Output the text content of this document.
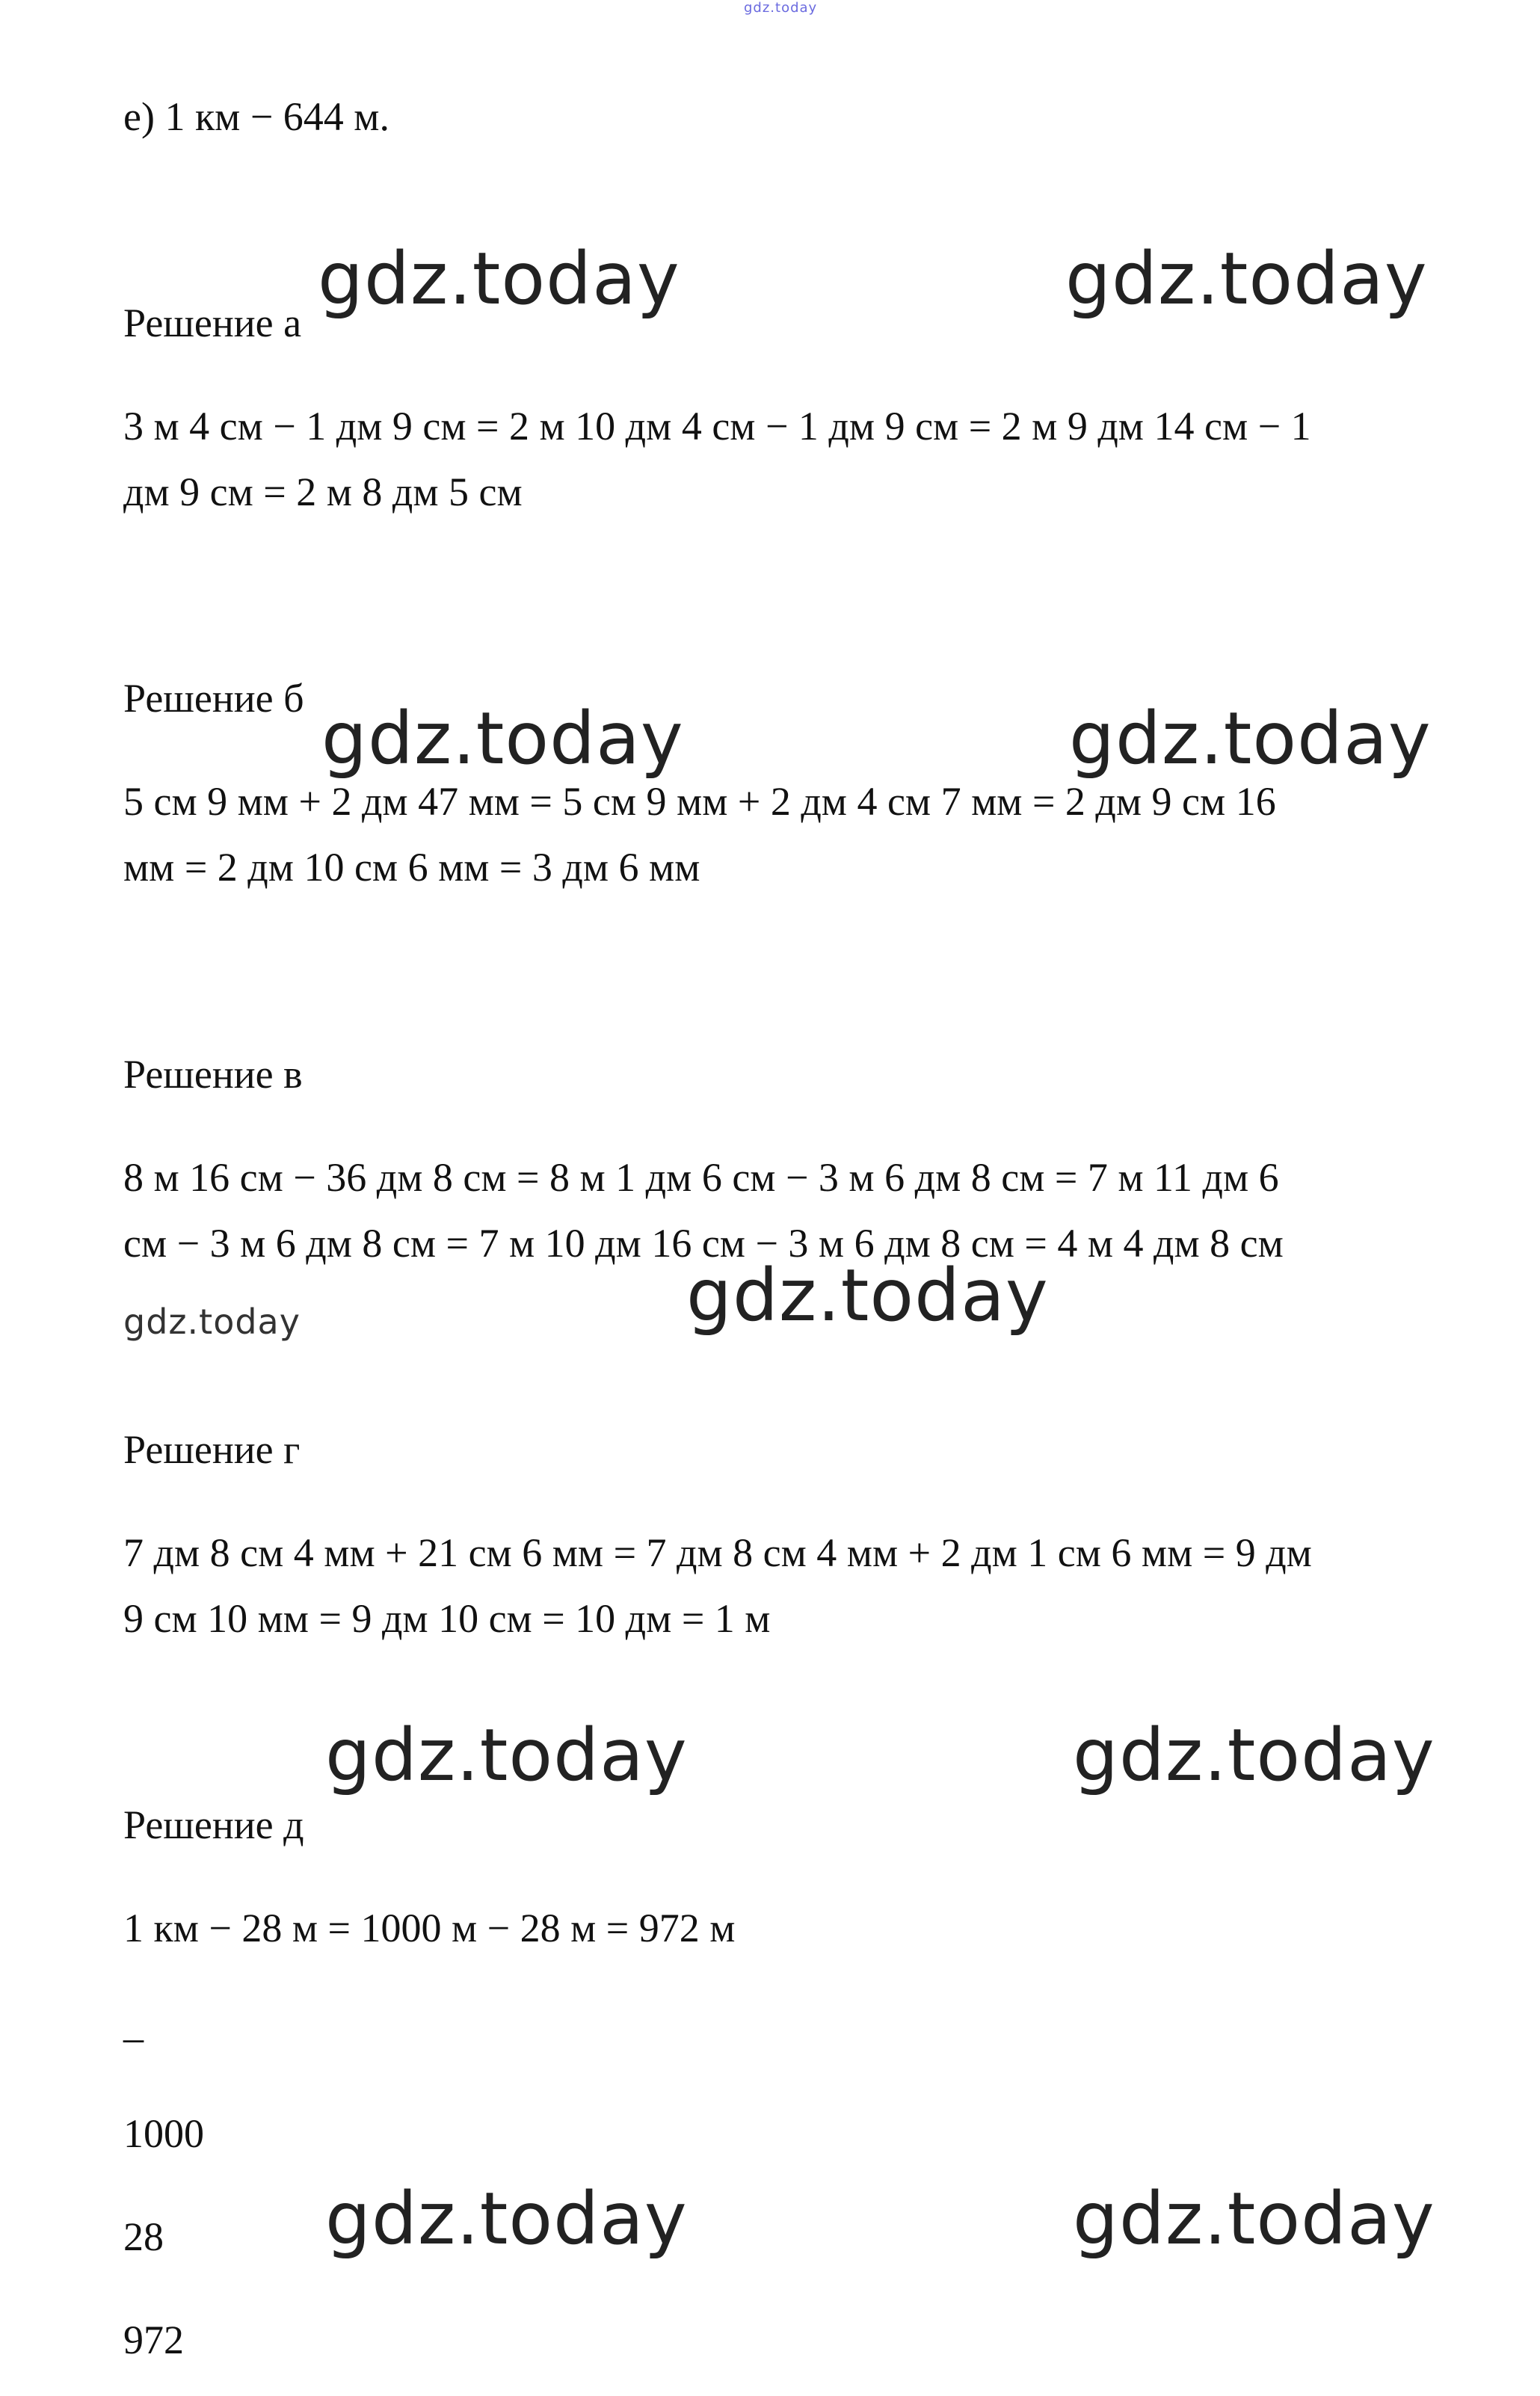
gdz.today

е) 1 км − 644 м.

Решение а

3 м 4 см − 1 дм 9 см = 2 м 10 дм 4 см − 1 дм 9 см = 2 м 9 дм 14 см − 1

дм 9 см = 2 м 8 дм 5 см

Решение б

5 см 9 мм + 2 дм 47 мм = 5 см 9 мм + 2 дм 4 см 7 мм = 2 дм 9 см 16

мм = 2 дм 10 см 6 мм = 3 дм 6 мм

Решение в

8 м 16 см − 36 дм 8 см = 8 м 1 дм 6 см − 3 м 6 дм 8 см = 7 м 11 дм 6

см − 3 м 6 дм 8 см = 7 м 10 дм 16 см − 3 м 6 дм 8 см = 4 м 4 дм 8 см

Решение г

7 дм 8 см 4 мм + 21 см 6 мм = 7 дм 8 см 4 мм + 2 дм 1 см 6 мм = 9 дм

9 см 10 мм = 9 дм 10 см = 10 дм = 1 м

Решение д

1 км − 28 м = 1000 м − 28 м = 972 м

_

1000

28

972

gdz.today	gdz.today
gdz.today	gdz.today
gdz.today
gdz.today
gdz.today	gdz.today
gdz.today	gdz.today
